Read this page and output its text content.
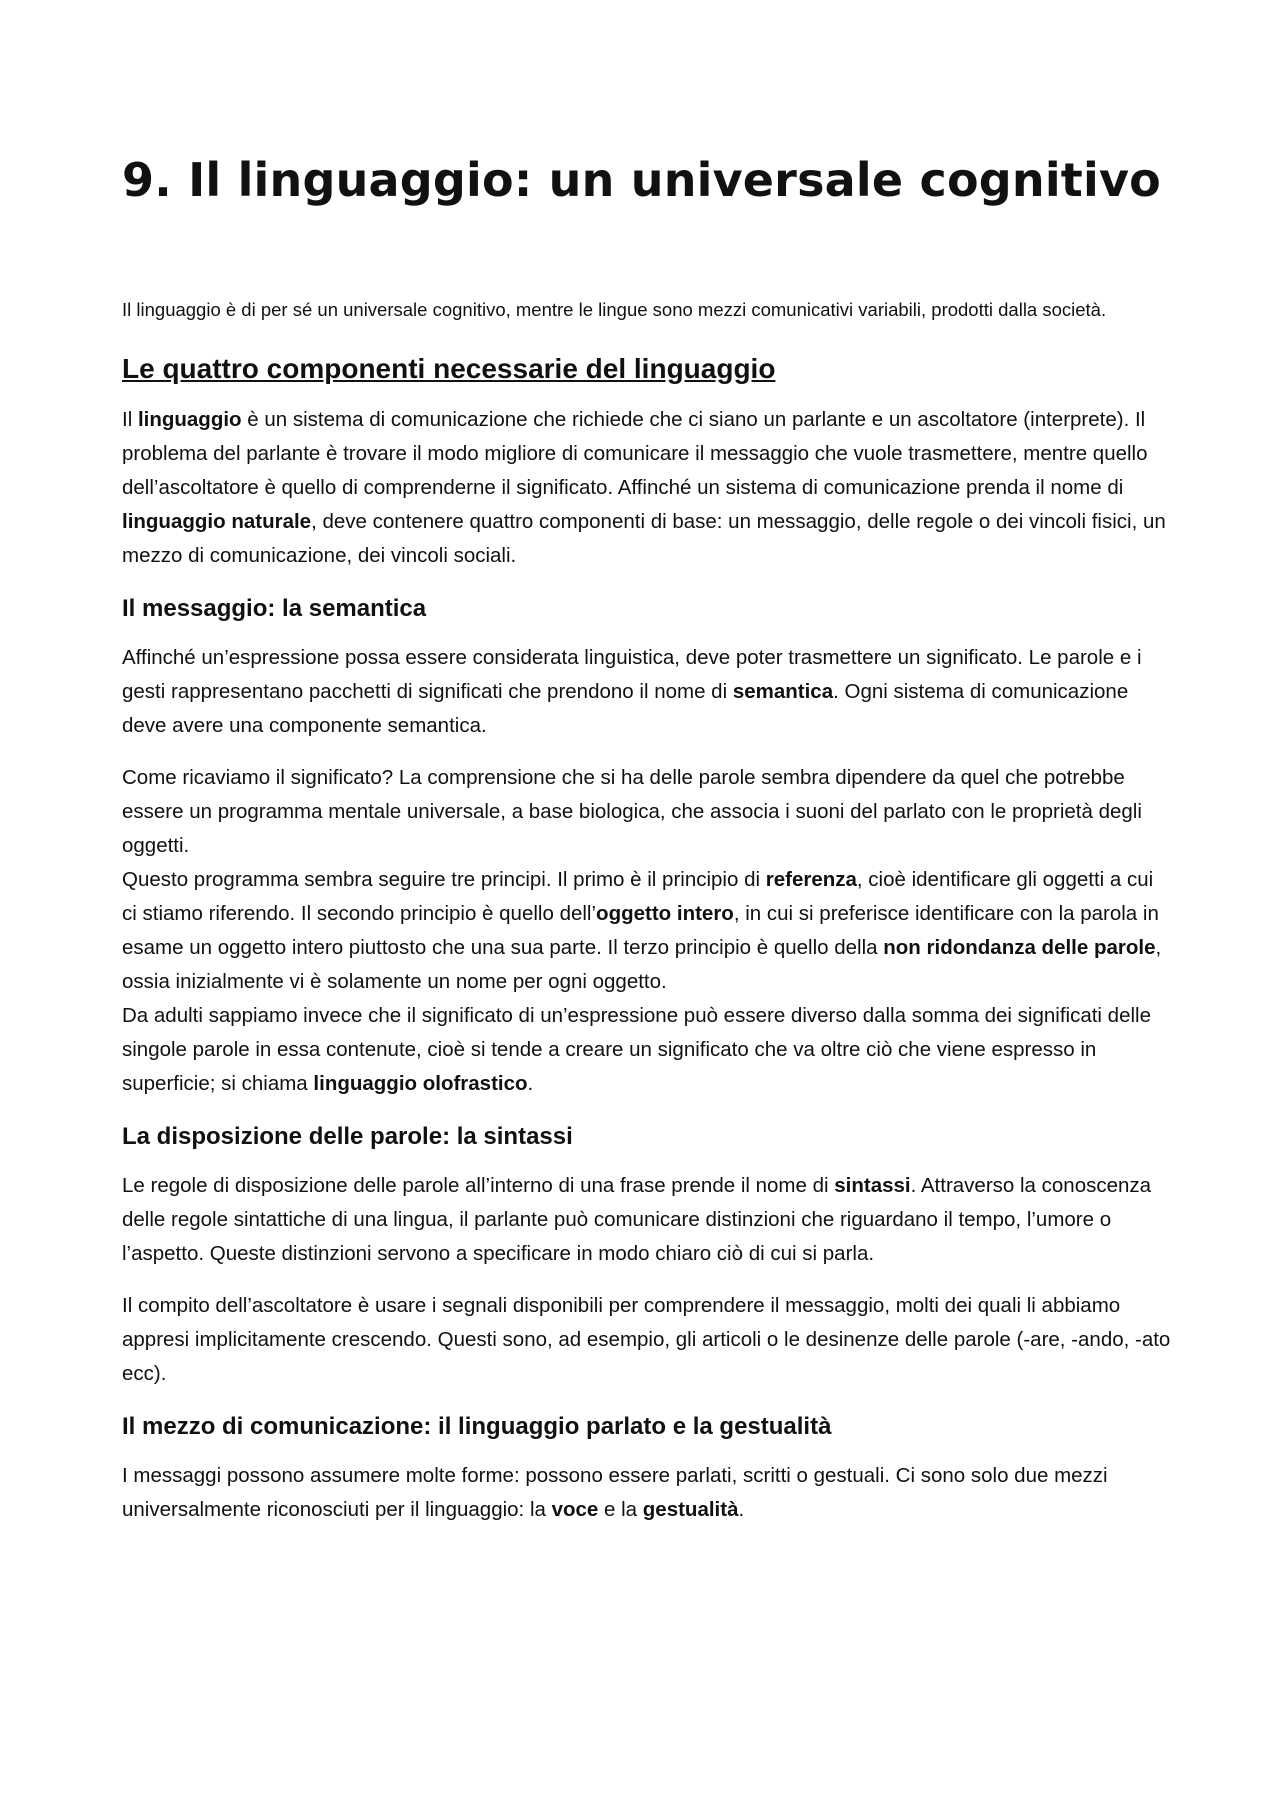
9. Il linguaggio: un universale cognitivo

Il linguaggio è di per sé un universale cognitivo, mentre le lingue sono mezzi comunicativi variabili, prodotti dalla società.

Le quattro componenti necessarie del linguaggio

Il linguaggio è un sistema di comunicazione che richiede che ci siano un parlante e un ascoltatore (interprete). Il problema del parlante è trovare il modo migliore di comunicare il messaggio che vuole trasmettere, mentre quello dell’ascoltatore è quello di comprenderne il significato. Affinché un sistema di comunicazione prenda il nome di linguaggio naturale, deve contenere quattro componenti di base: un messaggio, delle regole o dei vincoli fisici, un mezzo di comunicazione, dei vincoli sociali.

Il messaggio: la semantica

Affinché un’espressione possa essere considerata linguistica, deve poter trasmettere un significato. Le parole e i gesti rappresentano pacchetti di significati che prendono il nome di semantica. Ogni sistema di comunicazione deve avere una componente semantica.

Come ricaviamo il significato? La comprensione che si ha delle parole sembra dipendere da quel che potrebbe essere un programma mentale universale, a base biologica, che associa i suoni del parlato con le proprietà degli oggetti.
Questo programma sembra seguire tre principi. Il primo è il principio di referenza, cioè identificare gli oggetti a cui ci stiamo riferendo. Il secondo principio è quello dell’oggetto intero, in cui si preferisce identificare con la parola in esame un oggetto intero piuttosto che una sua parte. Il terzo principio è quello della non ridondanza delle parole, ossia inizialmente vi è solamente un nome per ogni oggetto.
Da adulti sappiamo invece che il significato di un’espressione può essere diverso dalla somma dei significati delle singole parole in essa contenute, cioè si tende a creare un significato che va oltre ciò che viene espresso in superficie; si chiama linguaggio olofrastico.

La disposizione delle parole: la sintassi

Le regole di disposizione delle parole all’interno di una frase prende il nome di sintassi. Attraverso la conoscenza delle regole sintattiche di una lingua, il parlante può comunicare distinzioni che riguardano il tempo, l’umore o l’aspetto. Queste distinzioni servono a specificare in modo chiaro ciò di cui si parla.

Il compito dell’ascoltatore è usare i segnali disponibili per comprendere il messaggio, molti dei quali li abbiamo appresi implicitamente crescendo. Questi sono, ad esempio, gli articoli o le desinenze delle parole (-are, -ando, -ato ecc).

Il mezzo di comunicazione: il linguaggio parlato e la gestualità

I messaggi possono assumere molte forme: possono essere parlati, scritti o gestuali. Ci sono solo due mezzi universalmente riconosciuti per il linguaggio: la voce e la gestualità.
